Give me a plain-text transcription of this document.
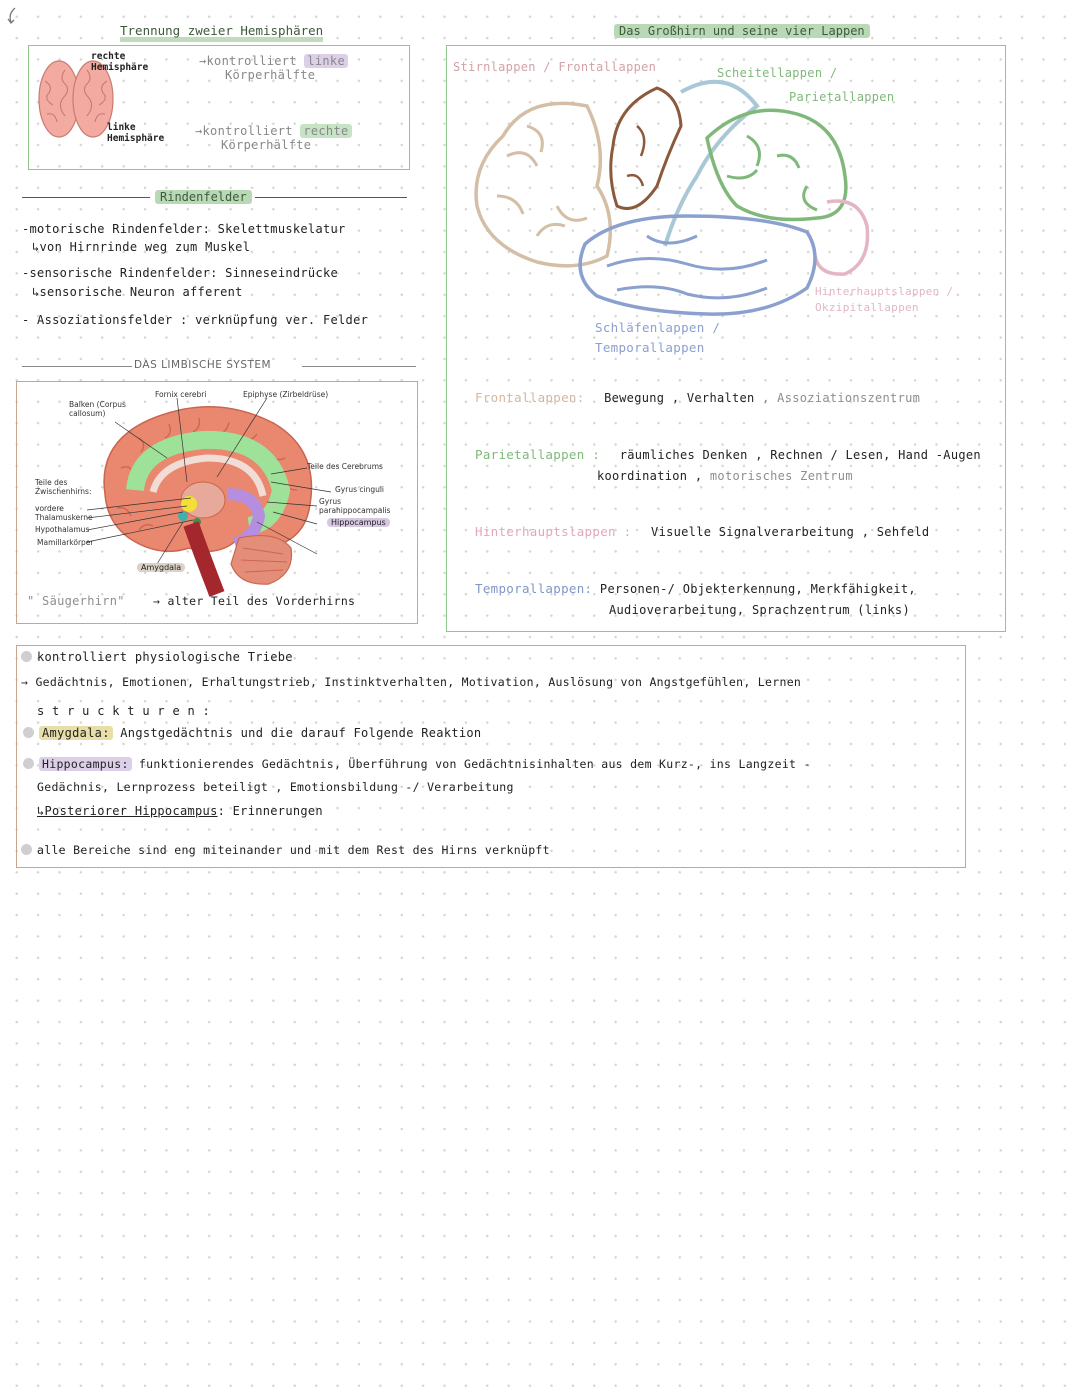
Trennung zweier Hemisphären
rechte Hemisphäre	→kontrolliert linke
Körperhälfte
linke Hemisphäre
→kontrolliert rechte
Körperhälfte
Rindenfelder
-motorische Rindenfelder: Skelettmuskelatur
↳von Hirnrinde weg zum Muskel
-sensorische Rindenfelder: Sinneseindrücke
↳sensorische Neuron afferent
- Assoziationsfelder : verknüpfung ver. Felder
DAS LIMBISCHE SYSTEM
Balken (Corpus callosum)
Fornix cerebri	Epiphyse (Zirbeldrüse)
Teile des Cerebrums
Gyrus cinguli
Gyrus parahippocampalis
Hippocampus
Teile des Zwischenhirns:
vordere Thalamuskerne
Hypothalamus
Mamillarkörper
Amygdala
" Säugerhirn" → alter Teil des Vorderhirns
Das Großhirn und seine vier Lappen
Stirnlappen / Frontallappen	Scheitellappen /
Parietallappen
Hinterhauptslappen /
Okzipitallappen
Schläfenlappen /
Temporallappen
Frontallappen: Bewegung , Verhalten , Assoziationszentrum
Parietallappen : räumliches Denken , Rechnen / Lesen, Hand -Augen
koordination , motorisches Zentrum
Hinterhauptslappen : Visuelle Signalverarbeitung , Sehfeld
Temporallappen: Personen-/ Objekterkennung, Merkfähigkeit,
Audioverarbeitung, Sprachzentrum (links)
kontrolliert physiologische Triebe
→ Gedächtnis, Emotionen, Erhaltungstrieb, Instinktverhalten, Motivation, Auslösung von Angstgefühlen, Lernen
s t r u c k t u r e n :
Amygdala: Angstgedächtnis und die darauf Folgende Reaktion
Hippocampus: funktionierendes Gedächtnis, Überführung von Gedächtnisinhalten aus dem Kurz-, ins Langzeit -
Gedächnis, Lernprozess beteiligt , Emotionsbildung -/ Verarbeitung
↳Posteriorer Hippocampus: Erinnerungen
alle Bereiche sind eng miteinander und mit dem Rest des Hirns verknüpft
